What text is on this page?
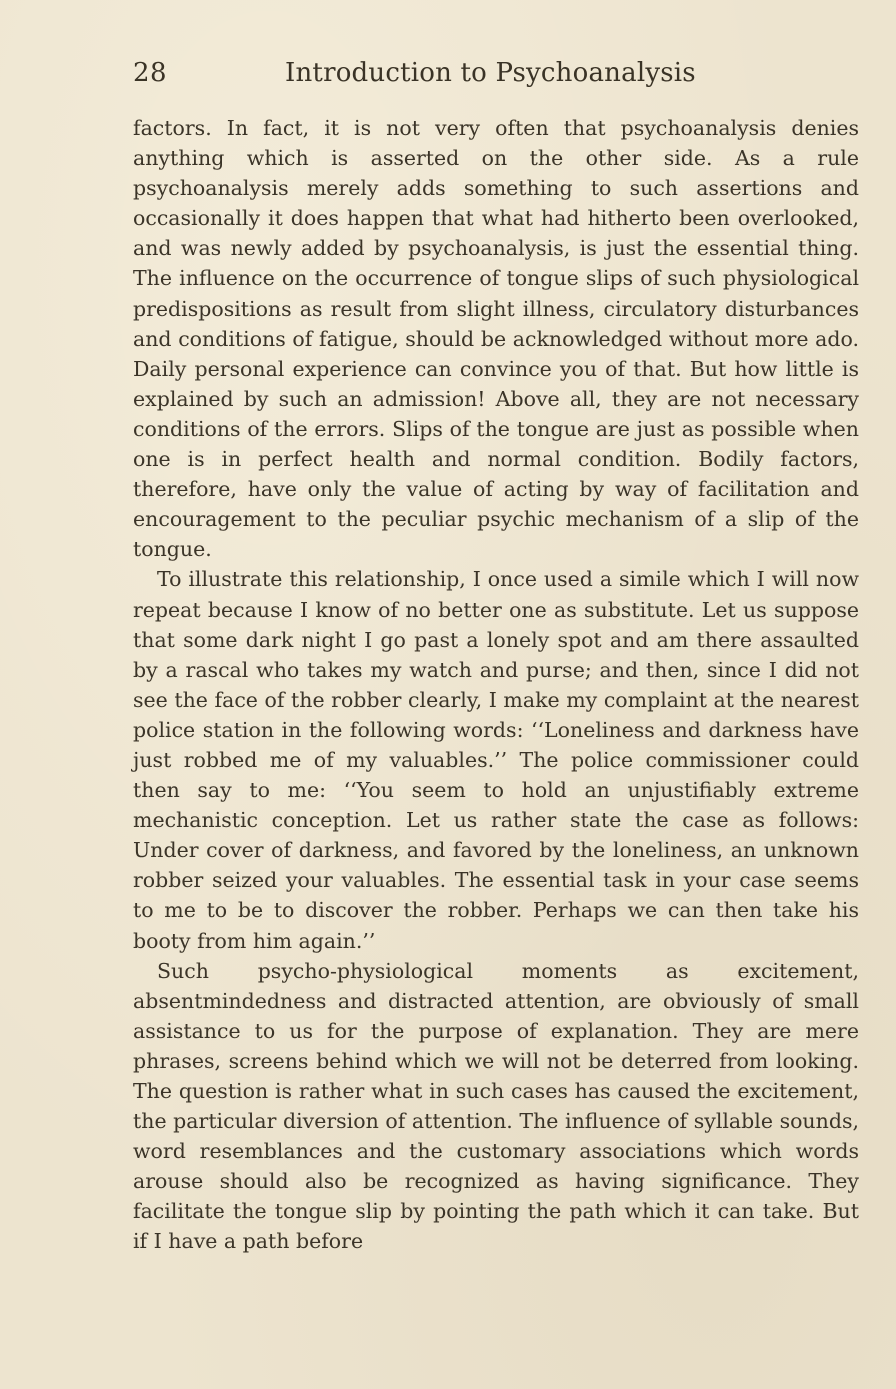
28	Introduction to Psychoanalysis

factors. In fact, it is not very often that psychoanalysis denies anything which is asserted on the other side. As a rule psychoanalysis merely adds something to such assertions and occasionally it does happen that what had hitherto been overlooked, and was newly added by psychoanalysis, is just the essential thing. The influence on the occurrence of tongue slips of such physiological predispositions as result from slight illness, circulatory disturbances and conditions of fatigue, should be acknowledged without more ado. Daily personal experience can convince you of that. But how little is explained by such an admission! Above all, they are not necessary conditions of the errors. Slips of the tongue are just as possible when one is in perfect health and normal condition. Bodily factors, therefore, have only the value of acting by way of facilitation and encouragement to the peculiar psychic mechanism of a slip of the tongue.

To illustrate this relationship, I once used a simile which I will now repeat because I know of no better one as substitute. Let us suppose that some dark night I go past a lonely spot and am there assaulted by a rascal who takes my watch and purse; and then, since I did not see the face of the robber clearly, I make my complaint at the nearest police station in the following words: ‘‘Loneliness and darkness have just robbed me of my valuables.’’ The police commissioner could then say to me: ‘‘You seem to hold an unjustifiably extreme mechanistic conception. Let us rather state the case as follows: Under cover of darkness, and favored by the loneliness, an unknown robber seized your valuables. The essential task in your case seems to me to be to discover the robber. Perhaps we can then take his booty from him again.’’

Such psycho-physiological moments as excitement, absentmindedness and distracted attention, are obviously of small assistance to us for the purpose of explanation. They are mere phrases, screens behind which we will not be deterred from looking. The question is rather what in such cases has caused the excitement, the particular diversion of attention. The influence of syllable sounds, word resemblances and the customary associations which words arouse should also be recognized as having significance. They facilitate the tongue slip by pointing the path which it can take. But if I have a path before
